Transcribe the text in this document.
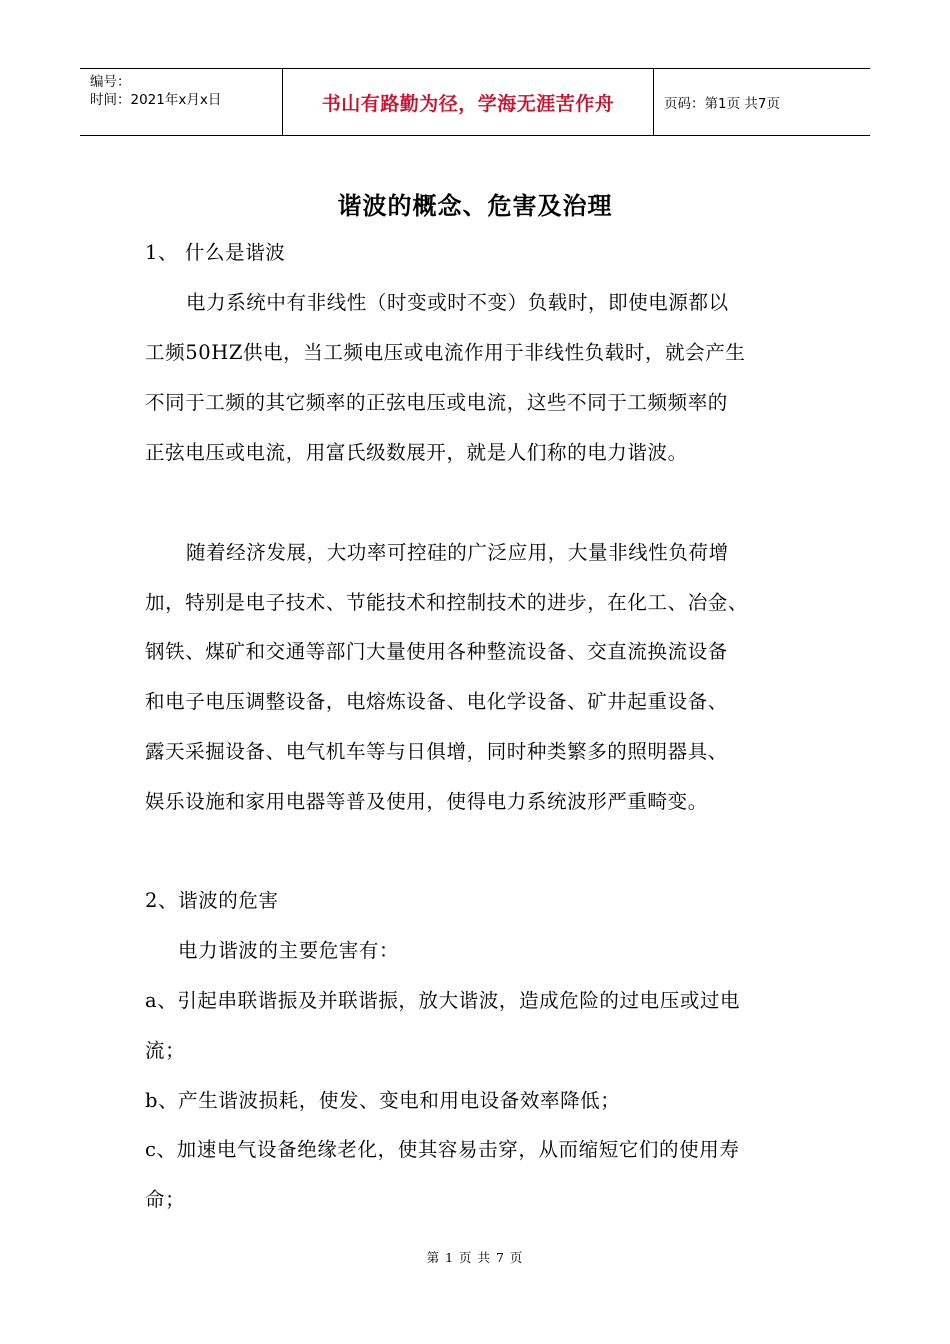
编号：
时间：2021年x月x日	书山有路勤为径，学海无涯苦作舟	页码：第1页 共7页
谐波的概念、危害及治理
1、 什么是谐波
电力系统中有非线性（时变或时不变）负载时，即使电源都以
工频50HZ供电，当工频电压或电流作用于非线性负载时，就会产生
不同于工频的其它频率的正弦电压或电流，这些不同于工频频率的
正弦电压或电流，用富氏级数展开，就是人们称的电力谐波。
随着经济发展，大功率可控硅的广泛应用，大量非线性负荷增
加，特别是电子技术、节能技术和控制技术的进步，在化工、冶金、
钢铁、煤矿和交通等部门大量使用各种整流设备、交直流换流设备
和电子电压调整设备，电熔炼设备、电化学设备、矿井起重设备、
露天采掘设备、电气机车等与日俱增，同时种类繁多的照明器具、
娱乐设施和家用电器等普及使用，使得电力系统波形严重畸变。
2、谐波的危害
电力谐波的主要危害有：
a、引起串联谐振及并联谐振，放大谐波，造成危险的过电压或过电
流；
b、产生谐波损耗，使发、变电和用电设备效率降低；
c、加速电气设备绝缘老化，使其容易击穿，从而缩短它们的使用寿
命；
第 1 页 共 7 页
